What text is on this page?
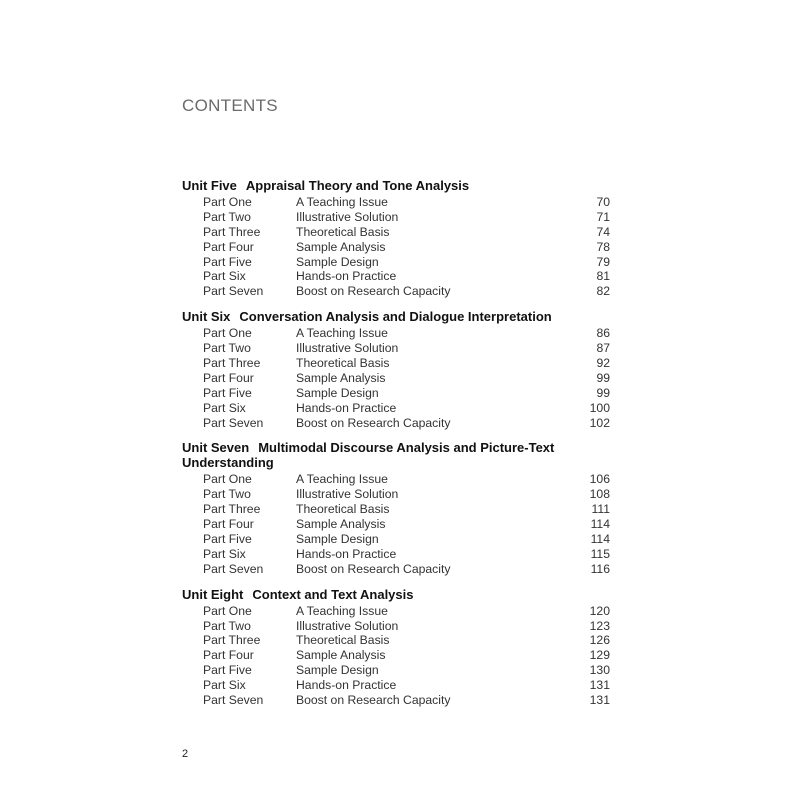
CONTENTS
Unit Five Appraisal Theory and Tone Analysis
Part One	A Teaching Issue	70
Part Two	Illustrative Solution	71
Part Three	Theoretical Basis	74
Part Four	Sample Analysis	78
Part Five	Sample Design	79
Part Six	Hands-on Practice	81
Part Seven	Boost on Research Capacity	82
Unit Six Conversation Analysis and Dialogue Interpretation
Part One	A Teaching Issue	86
Part Two	Illustrative Solution	87
Part Three	Theoretical Basis	92
Part Four	Sample Analysis	99
Part Five	Sample Design	99
Part Six	Hands-on Practice	100
Part Seven	Boost on Research Capacity	102
Unit Seven Multimodal Discourse Analysis and Picture-Text Understanding
Part One	A Teaching Issue	106
Part Two	Illustrative Solution	108
Part Three	Theoretical Basis	111
Part Four	Sample Analysis	114
Part Five	Sample Design	114
Part Six	Hands-on Practice	115
Part Seven	Boost on Research Capacity	116
Unit Eight Context and Text Analysis
Part One	A Teaching Issue	120
Part Two	Illustrative Solution	123
Part Three	Theoretical Basis	126
Part Four	Sample Analysis	129
Part Five	Sample Design	130
Part Six	Hands-on Practice	131
Part Seven	Boost on Research Capacity	131
2
